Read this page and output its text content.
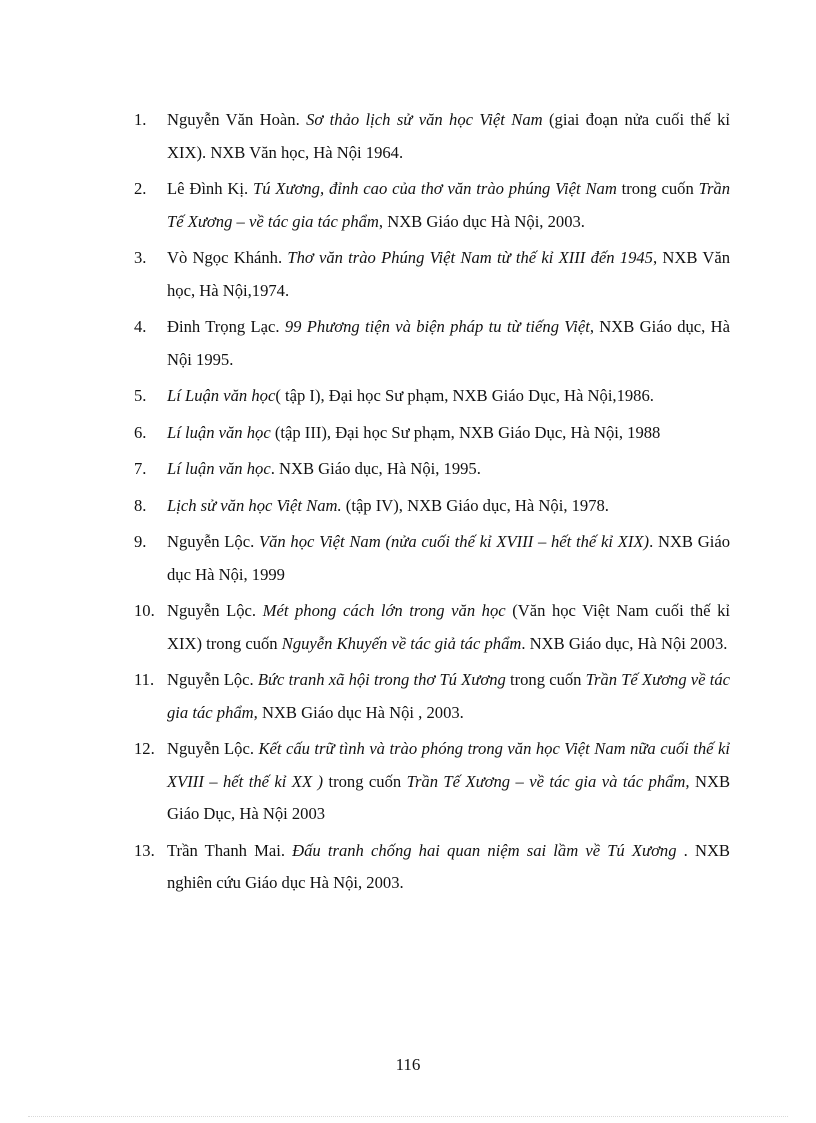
1. Nguyễn Văn Hoàn. Sơ thảo lịch sử văn học Việt Nam (giai đoạn nửa cuối thế kỉ XIX). NXB Văn học, Hà Nội 1964.
2. Lê Đình Kị. Tú Xương, đỉnh cao của thơ văn trào phúng Việt Nam trong cuốn Trần Tế Xương – về tác gia tác phẩm, NXB Giáo dục Hà Nội, 2003.
3. Vò Ngọc Khánh. Thơ văn trào Phúng Việt Nam từ thế kỉ XIII đến 1945, NXB Văn học, Hà Nội,1974.
4. Đinh Trọng Lạc. 99 Phương tiện và biện pháp tu từ tiếng Việt, NXB Giáo dục, Hà Nội 1995.
5. Lí Luận văn học( tập I), Đại học Sư phạm, NXB Giáo Dục, Hà Nội,1986.
6. Lí luận văn học (tập III), Đại học Sư phạm, NXB Giáo Dục, Hà Nội, 1988
7. Lí luận văn học. NXB Giáo dục, Hà Nội, 1995.
8. Lịch sử văn học Việt Nam. (tập IV), NXB Giáo dục, Hà Nội, 1978.
9. Nguyễn Lộc. Văn học Việt Nam (nửa cuối thế kỉ XVIII – hết thế kỉ XIX). NXB Giáo dục Hà Nội, 1999
10. Nguyễn Lộc. Mét phong cách lớn trong văn học (Văn học Việt Nam cuối thế kỉ XIX) trong cuốn Nguyễn Khuyến về tác giả tác phẩm. NXB Giáo dục, Hà Nội 2003.
11. Nguyễn Lộc. Bức tranh xã hội trong thơ Tú Xương trong cuốn Trần Tế Xương về tác gia tác phẩm, NXB Giáo dục Hà Nội , 2003.
12. Nguyễn Lộc. Kết cấu trữ tình và trào phóng trong văn học Việt Nam nữa cuối thế kỉ XVIII – hết thế kỉ XX ) trong cuốn Trần Tế Xương – về tác gia và tác phẩm, NXB Giáo Dục, Hà Nội 2003
13. Trần Thanh Mai. Đấu tranh chống hai quan niệm sai lầm về Tú Xương . NXB nghiên cứu Giáo dục Hà Nội, 2003.
116
